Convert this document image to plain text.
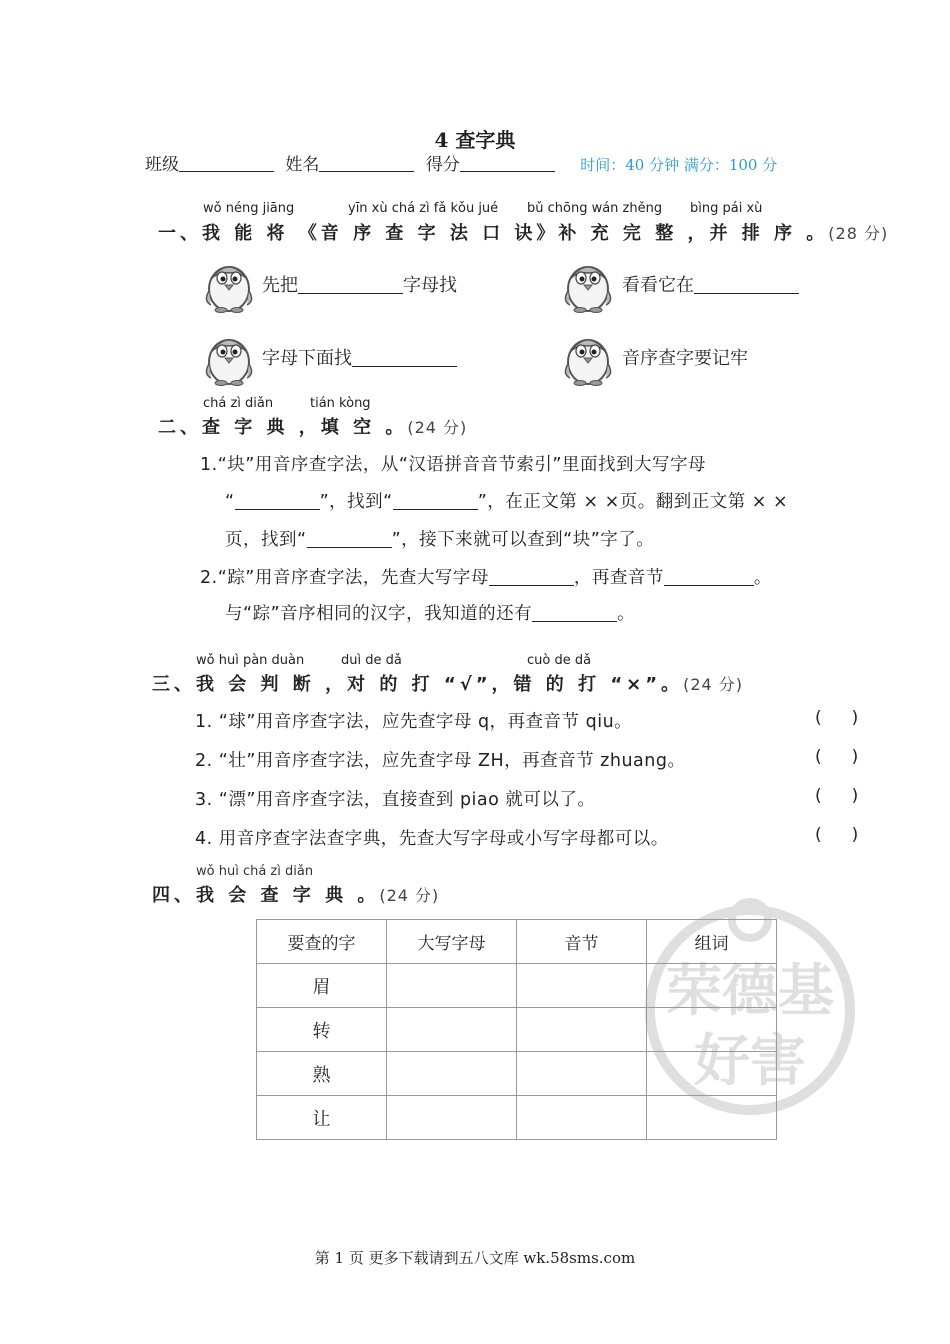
4 查字典
班级	姓名	得分	时间：40 分钟 满分：100 分
wǒ néng jiāng	yīn xù chá zì fǎ kǒu jué bǔ chōng wán zhěng bìng pái xù
一、我 能 将 《音 序 查 字 法 口 诀》补 充 完 整 ，并 排 序 。(28 分)
先把	字母找	看看它在
字母下面找	音序查字要记牢
chá zì diǎn	tián kòng
二、查 字 典 ，填 空 。(24 分)
1.“块”用音序查字法，从“汉语拼音音节索引”里面找到大写字母
“	”，找到“	”，在正文第 × ×页。翻到正文第 × ×
页，找到“	”，接下来就可以查到“块”字了。
2.“踪”用音序查字法，先查大写字母	，再查音节	。
与“踪”音序相同的汉字，我知道的还有	。
wǒ huì pàn duàn	duì de dǎ	cuò de dǎ
三、我 会 判 断 ，对 的 打 “√”，错 的 打 “×”。(24 分)
1. “球”用音序查字法，应先查字母 q，再查音节 qiu。	()
2. “壮”用音序查字法，应先查字母 ZH，再查音节 zhuang。	()
3. “漂”用音序查字法，直接查到 piao 就可以了。	()
4. 用音序查字法查字典，先查大写字母或小写字母都可以。	()
wǒ huì chá zì diǎn
四、我 会 查 字 典 。(24 分)
荣德基
好害
要查的字	大写字母	音节	组词
眉			
转			
熟			
让			
第 1 页 更多下载请到五八文库 wk.58sms.com
